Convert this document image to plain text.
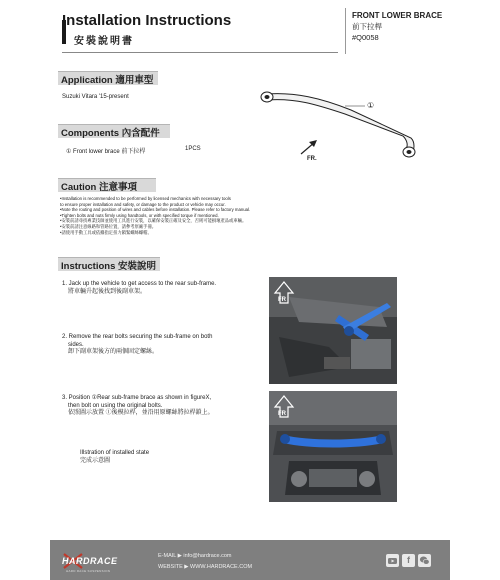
Installation Instructions
安裝說明書
FRONT LOWER BRACE
前下拉桿
#Q0058
Application 適用車型
Suzuki Vitara '15-present
①
FR.
Components 內含配件
① Front lower brace 前下拉桿	1PCS
Caution 注意事項
•Installation is recommended to be performed by licensed mechanics with necessary tools
to ensure proper installation and safety, or damage to the product or vehicle may occur.
•Note the routing and position of wires and cables before installation. Please refer to factory manual.
•Tighten bolts and nuts firmly using handtools, or with specified torque if mentioned.
•安裝前請尋找專業技師並使用工具進行安裝，以確保安裝正確及安全，否則可能損壞產品或車輛。
•安裝前請注意線路和管路位置，請參考原廠手冊。
•請使用手動工具或依據指定扭力鎖緊螺絲螺帽。
Instructions 安裝說明
1. Jack up the vehicle to get access to the rear sub-frame.
將車輛升起後找到後副車架。
2. Remove the rear bolts securing the sub-frame on both
sides.
卸下副車架後方的兩個固定螺絲。
3. Position ①Rear sub-frame brace as shown in figureX,
then bolt on using the original bolts.
依照圖示放置 ①後模拉桿，並沿用原螺絲將拉桿鎖上。
Illstration of installed state
完成示意圖
FR
FR
HARDRACE
HARD RACE SUSPENSION
E-MAIL ▶ info@hardrace.com
WEBSITE ▶ WWW.HARDRACE.COM
f
